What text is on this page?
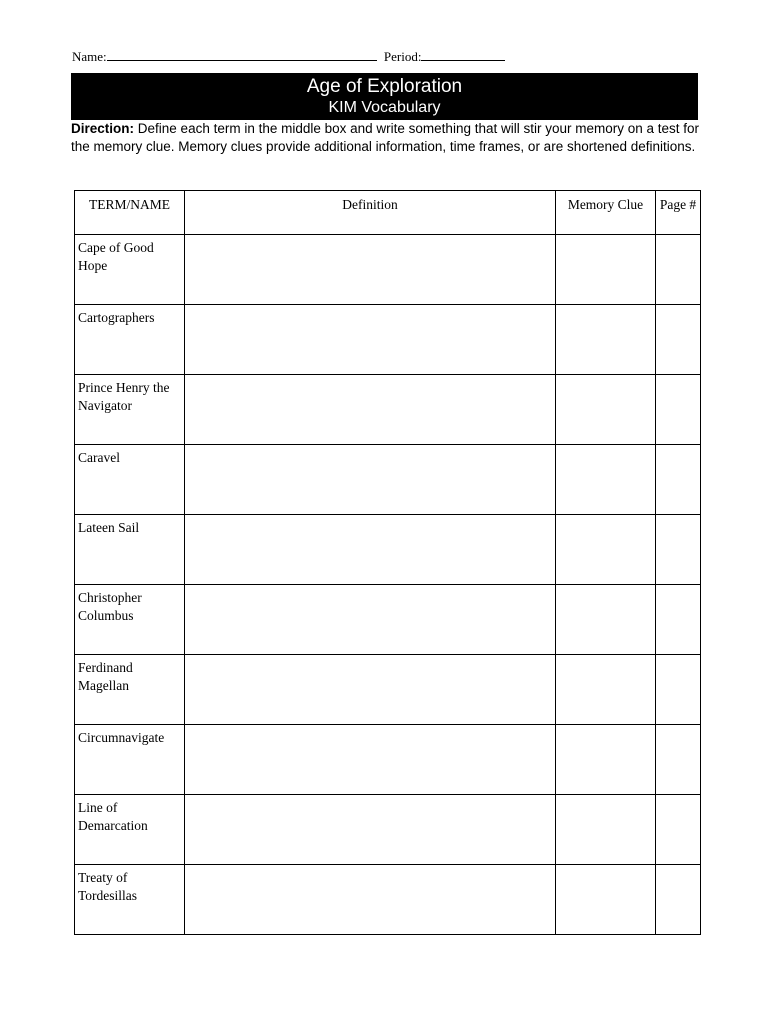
Name:	Period:
Age of Exploration
KIM Vocabulary
Direction: Define each term in the middle box and write something that will stir your memory on a test for the memory clue. Memory clues provide additional information, time frames, or are shortened definitions.
TERM/NAME	Definition	Memory Clue	Page #
Cape of Good Hope			
Cartographers			
Prince Henry the Navigator			
Caravel			
Lateen Sail			
Christopher Columbus			
Ferdinand Magellan			
Circumnavigate			
Line of Demarcation			
Treaty of Tordesillas			
